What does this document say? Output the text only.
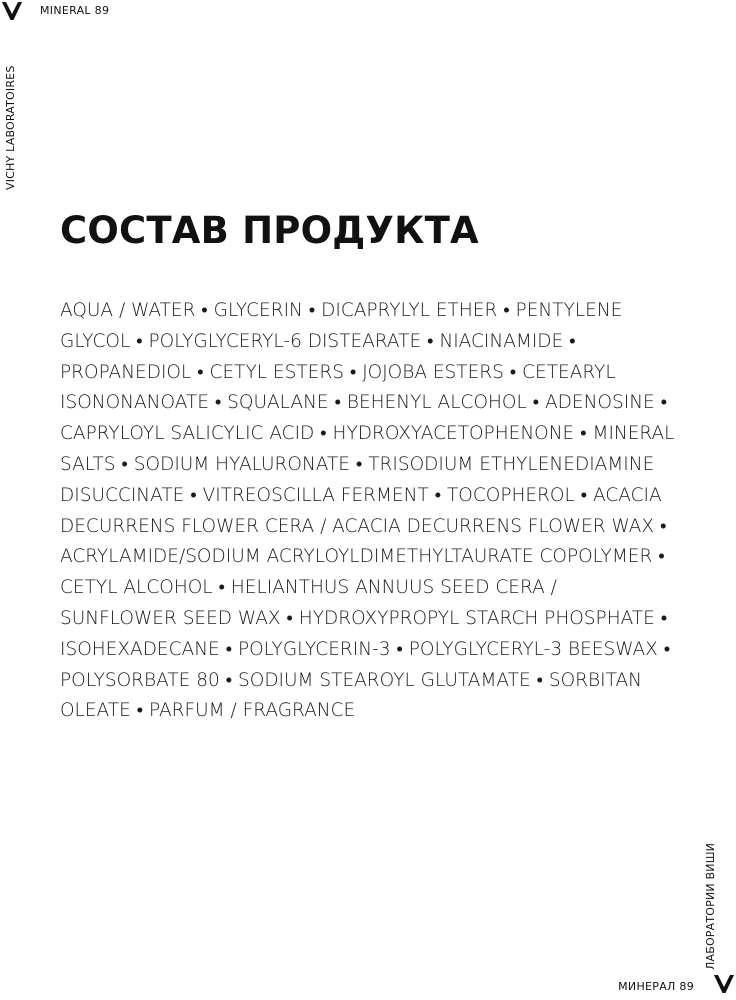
MINERAL 89
VICHY LABORATOIRES
СОСТАВ ПРОДУКТА

AQUA / WATER • GLYCERIN • DICAPRYLYL ETHER • PENTYLENE GLYCOL • POLYGLYCERYL-6 DISTEARATE • NIACINAMIDE • PROPANEDIOL • CETYL ESTERS • JOJOBA ESTERS • CETEARYL ISONONANOATE • SQUALANE • BEHENYL ALCOHOL • ADENOSINE • CAPRYLOYL SALICYLIC ACID • HYDROXYACETOPHENONE • MINERAL SALTS • SODIUM HYALURONATE • TRISODIUM ETHYLENEDIAMINE DISUCCINATE • VITREOSCILLA FERMENT • TOCOPHEROL • ACACIA DECURRENS FLOWER CERA / ACACIA DECURRENS FLOWER WAX • ACRYLAMIDE/SODIUM ACRYLOYLDIMETHYLTAURATE COPOLYMER • CETYL ALCOHOL • HELIANTHUS ANNUUS SEED CERA / SUNFLOWER SEED WAX • HYDROXYPROPYL STARCH PHOSPHATE • ISOHEXADECANE • POLYGLYCERIN-3 • POLYGLYCERYL-3 BEESWAX • POLYSORBATE 80 • SODIUM STEAROYL GLUTAMATE • SORBITAN OLEATE • PARFUM / FRAGRANCE

ЛАБОРАТОРИИ ВИШИ
МИНЕРАЛ 89
